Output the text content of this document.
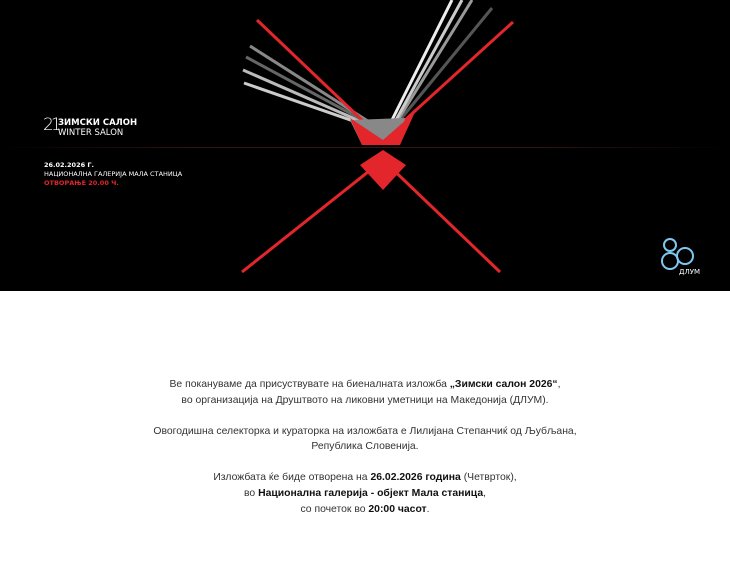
21 ЗИМСКИ САЛОН
WINTER SALON
26.02.2026 Г.
НАЦИОНАЛНА ГАЛЕРИЈА МАЛА СТАНИЦА
ОТВОРАЊЕ 20.00 Ч.
ДЛУМ

Ве покануваме да присуствувате на биеналната изложба „Зимски салон 2026“,
во организација на Друштвото на ликовни уметници на Македонија (ДЛУМ).

Овогодишна селекторка и кураторка на изложбата е Лилијана Степанчиќ од Љубљана,
Република Словенија.

Изложбата ќе биде отворена на 26.02.2026 година (Четврток),
во Национална галерија - објект Мала станица,
со почеток во 20:00 часот.
